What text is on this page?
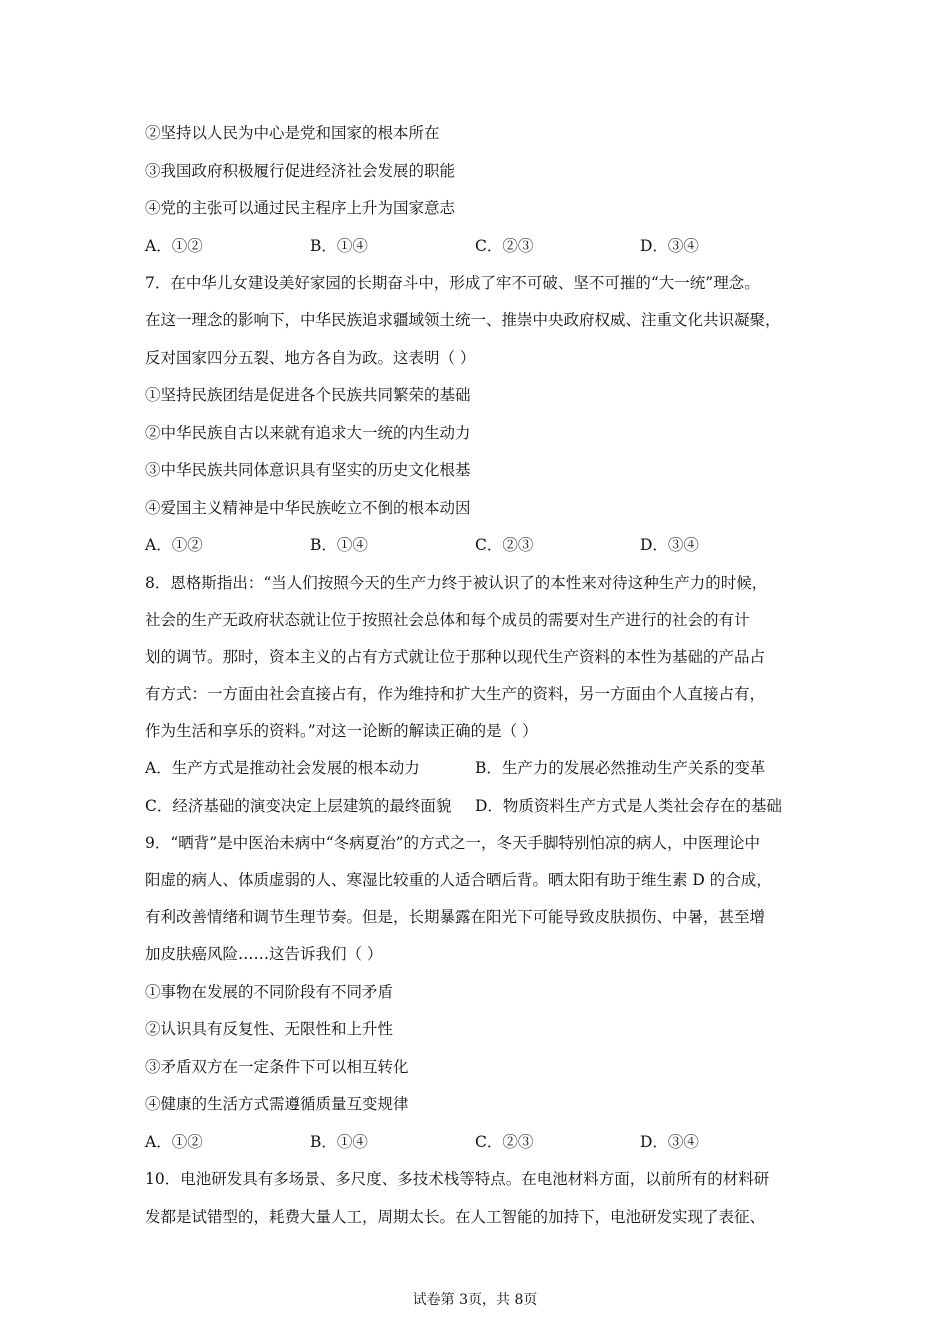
②坚持以人民为中心是党和国家的根本所在
③我国政府积极履行促进经济社会发展的职能
④党的主张可以通过民主程序上升为国家意志
A．①②	B．①④	C．②③	D．③④
7．在中华儿女建设美好家园的长期奋斗中，形成了牢不可破、坚不可摧的“大一统”理念。
在这一理念的影响下，中华民族追求疆域领土统一、推崇中央政府权威、注重文化共识凝聚，
反对国家四分五裂、地方各自为政。这表明（ ）
①坚持民族团结是促进各个民族共同繁荣的基础
②中华民族自古以来就有追求大一统的内生动力
③中华民族共同体意识具有坚实的历史文化根基
④爱国主义精神是中华民族屹立不倒的根本动因
A．①②	B．①④	C．②③	D．③④
8．恩格斯指出：“当人们按照今天的生产力终于被认识了的本性来对待这种生产力的时候，
社会的生产无政府状态就让位于按照社会总体和每个成员的需要对生产进行的社会的有计
划的调节。那时，资本主义的占有方式就让位于那种以现代生产资料的本性为基础的产品占
有方式：一方面由社会直接占有，作为维持和扩大生产的资料，另一方面由个人直接占有，
作为生活和享乐的资料。”对这一论断的解读正确的是（ ）
A．生产方式是推动社会发展的根本动力	B．生产力的发展必然推动生产关系的变革
C．经济基础的演变决定上层建筑的最终面貌 D．物质资料生产方式是人类社会存在的基础
9．“晒背”是中医治未病中“冬病夏治”的方式之一，冬天手脚特别怕凉的病人，中医理论中
阳虚的病人、体质虚弱的人、寒湿比较重的人适合晒后背。晒太阳有助于维生素 D 的合成，
有利改善情绪和调节生理节奏。但是，长期暴露在阳光下可能导致皮肤损伤、中暑，甚至增
加皮肤癌风险……这告诉我们（ ）
①事物在发展的不同阶段有不同矛盾
②认识具有反复性、无限性和上升性
③矛盾双方在一定条件下可以相互转化
④健康的生活方式需遵循质量互变规律
A．①②	B．①④	C．②③	D．③④
10．电池研发具有多场景、多尺度、多技术栈等特点。在电池材料方面，以前所有的材料研
发都是试错型的，耗费大量人工，周期太长。在人工智能的加持下，电池研发实现了表征、
试卷第 3页，共 8页
